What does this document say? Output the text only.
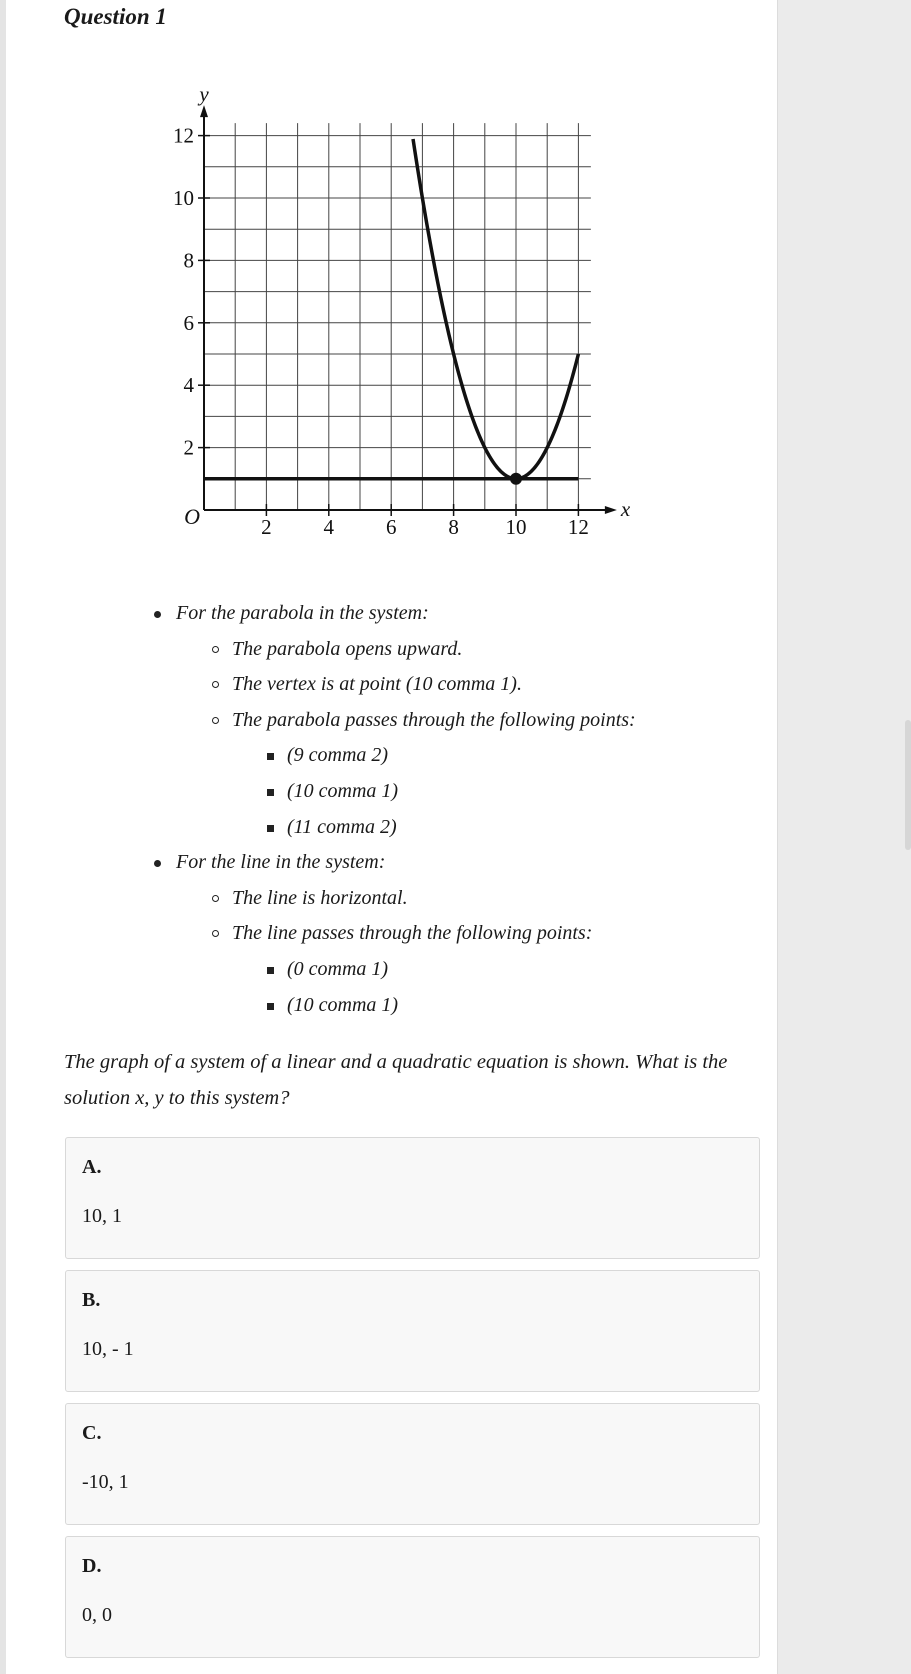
Question 1
2 4 6 8 10 12
2
4
6
8
10
12
O	x
y
For the parabola in the system:
The parabola opens upward.
The vertex is at point (10 comma 1).
The parabola passes through the following points:
(9 comma 2)
(10 comma 1)
(11 comma 2)
For the line in the system:
The line is horizontal.
The line passes through the following points:
(0 comma 1)
(10 comma 1)

The graph of a system of a linear and a quadratic equation is shown. What is the solution x, y to this system?

A.
10, 1
B.
10, - 1
C.
-10, 1
D.
0, 0
